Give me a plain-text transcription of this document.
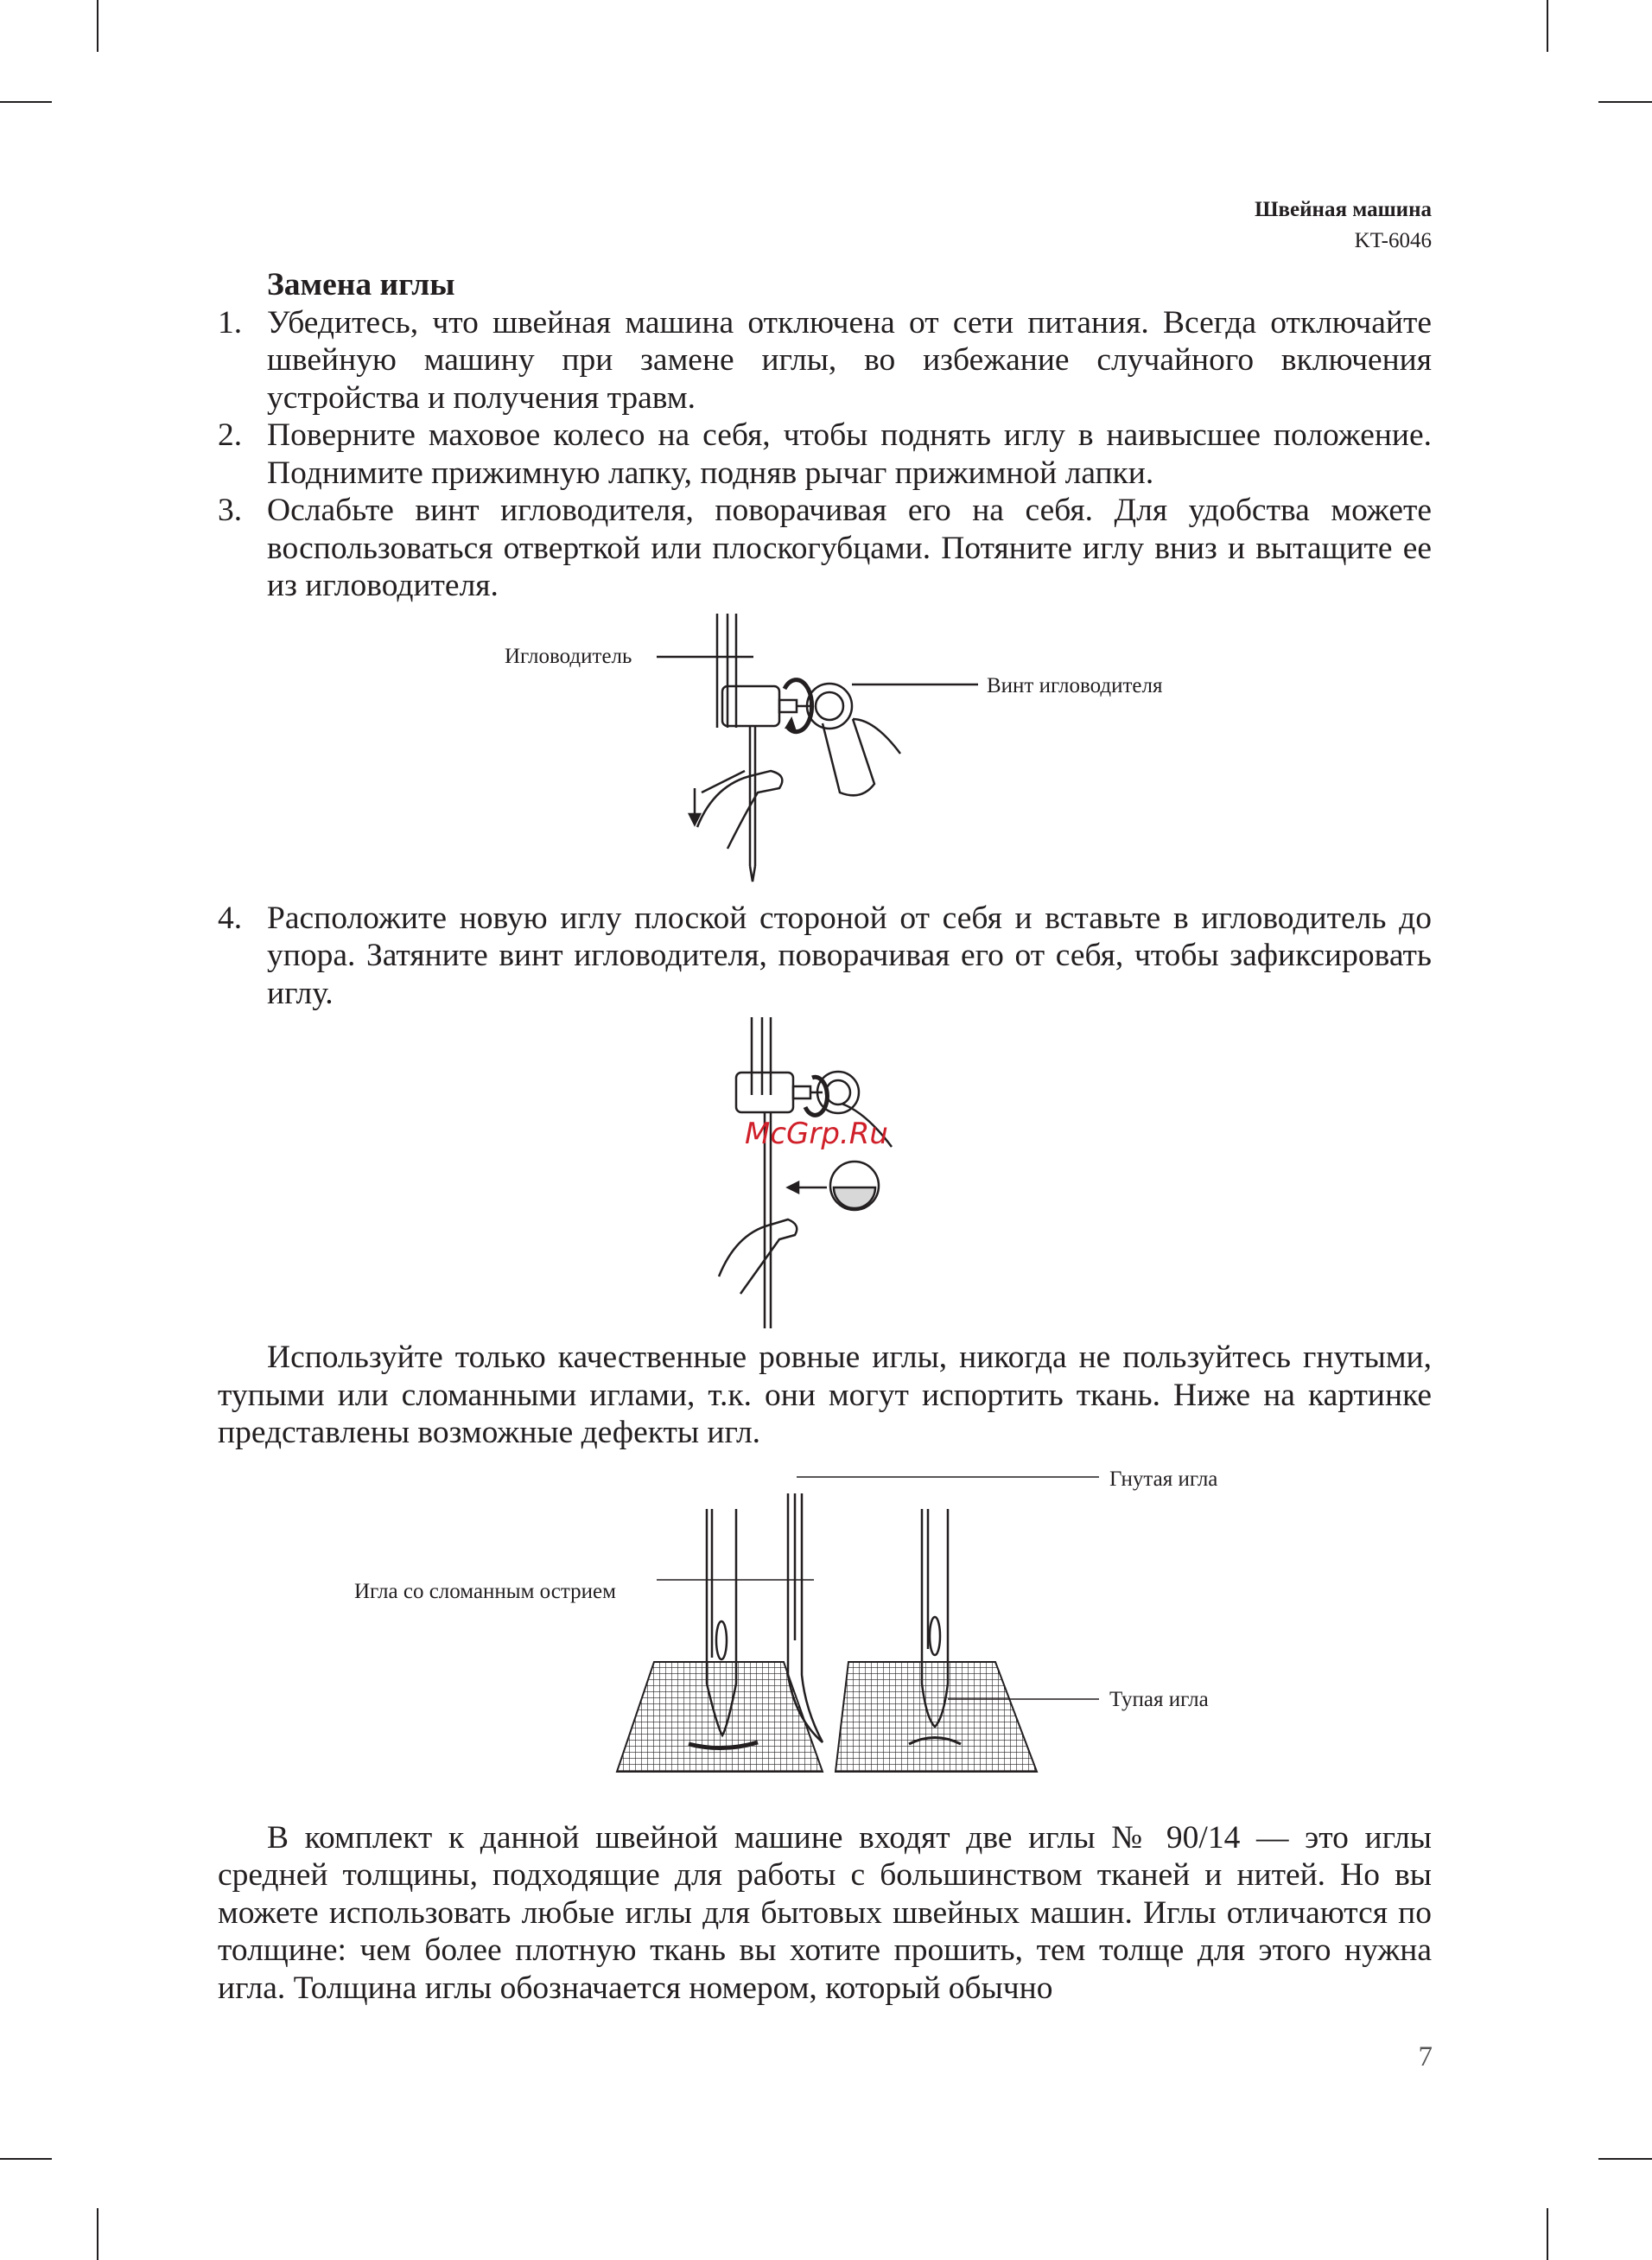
Швейная машина
KT-6046
Замена иглы
1. Убедитесь, что швейная машина отключена от сети питания. Всегда отключайте швейную машину при замене иглы, во избежание случайного включения устройства и получения травм.
2. Поверните маховое колесо на себя, чтобы поднять иглу в наивысшее положение. Поднимите прижимную лапку, подняв рычаг прижимной лапки.
3. Ослабьте винт игловодителя, поворачивая его на себя. Для удобства можете воспользоваться отверткой или плоскогубцами. Потяните иглу вниз и вытащите ее из игловодителя.
Игловодитель
Винт игловодителя
4. Расположите новую иглу плоской стороной от себя и вставьте в игловодитель до упора. Затяните винт игловодителя, поворачивая его от себя, чтобы зафиксировать иглу.
McGrp.Ru

Используйте только качественные ровные иглы, никогда не пользуйтесь гнутыми, тупыми или сломанными иглами, т.к. они могут испортить ткань. Ниже на картинке представлены возможные дефекты игл.

Гнутая игла
Игла со сломанным острием
Тупая игла

В комплект к данной швейной машине входят две иглы № 90/14 — это иглы средней толщины, подходящие для работы с большинством тканей и нитей. Но вы можете использовать любые иглы для бытовых швейных машин. Иглы отличаются по толщине: чем более плотную ткань вы хотите прошить, тем толще для этого нужна игла. Толщина иглы обозначается номером, который обычно

7
